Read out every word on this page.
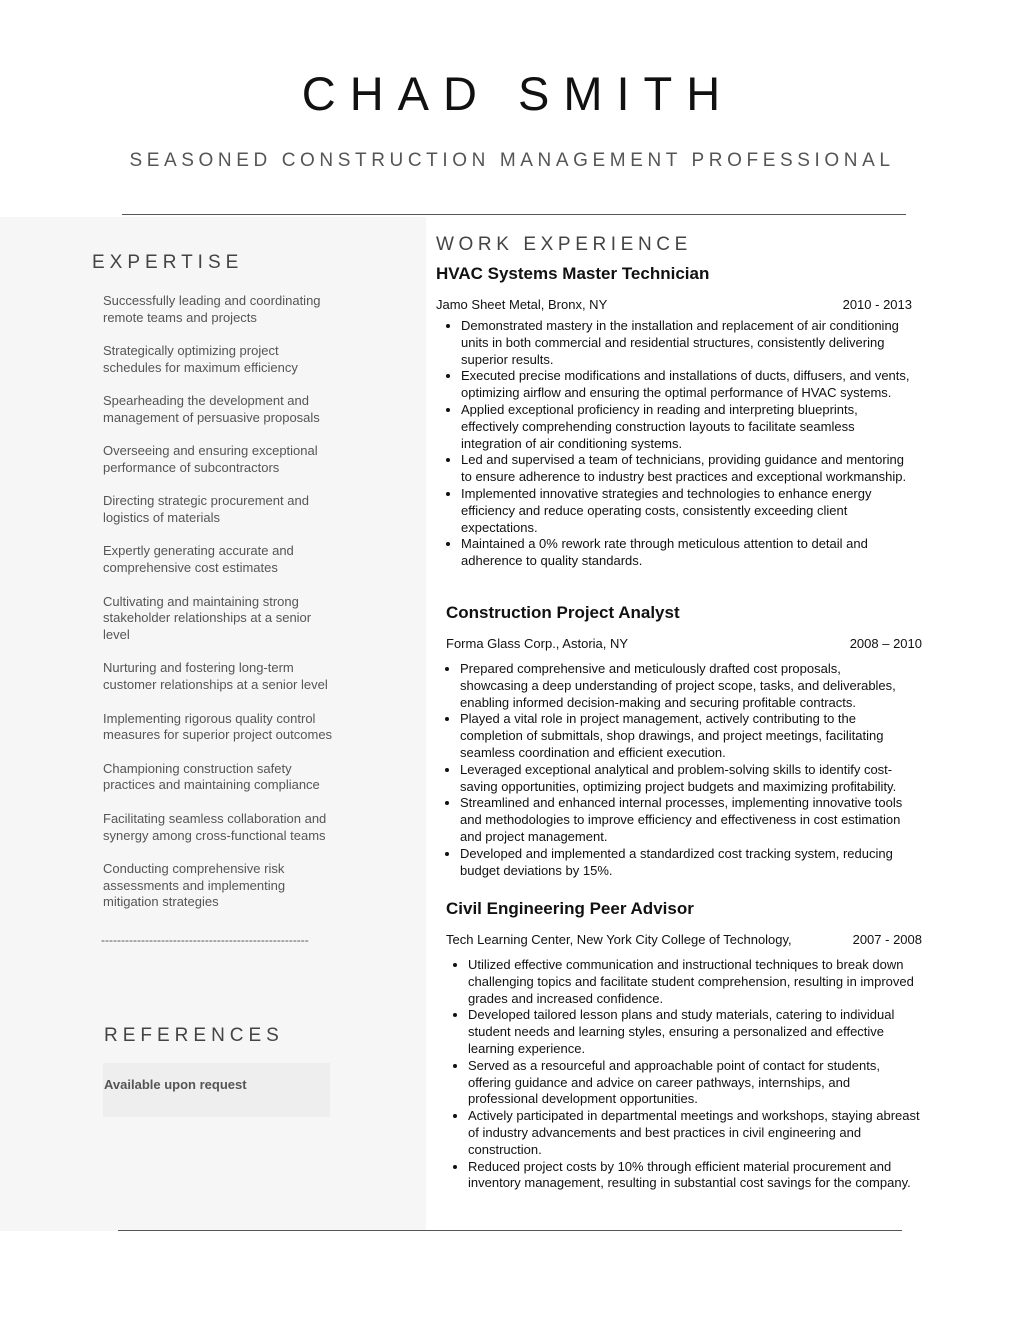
CHAD SMITH
SEASONED CONSTRUCTION MANAGEMENT PROFESSIONAL
EXPERTISE
Successfully leading and coordinating remote teams and projects
Strategically optimizing project schedules for maximum efficiency
Spearheading the development and management of persuasive proposals
Overseeing and ensuring exceptional performance of subcontractors
Directing strategic procurement and logistics of materials
Expertly generating accurate and comprehensive cost estimates
Cultivating and maintaining strong stakeholder relationships at a senior level
Nurturing and fostering long-term customer relationships at a senior level
Implementing rigorous quality control measures for superior project outcomes
Championing construction safety practices and maintaining compliance
Facilitating seamless collaboration and synergy among cross-functional teams
Conducting comprehensive risk assessments and implementing mitigation strategies
----------------------------------------------------
REFERENCES
Available upon request
WORK EXPERIENCE
HVAC Systems Master Technician
Jamo Sheet Metal, Bronx, NY	2010 - 2013
• Demonstrated mastery in the installation and replacement of air conditioning units in both commercial and residential structures, consistently delivering superior results.
• Executed precise modifications and installations of ducts, diffusers, and vents, optimizing airflow and ensuring the optimal performance of HVAC systems.
• Applied exceptional proficiency in reading and interpreting blueprints, effectively comprehending construction layouts to facilitate seamless integration of air conditioning systems.
• Led and supervised a team of technicians, providing guidance and mentoring to ensure adherence to industry best practices and exceptional workmanship.
• Implemented innovative strategies and technologies to enhance energy efficiency and reduce operating costs, consistently exceeding client expectations.
• Maintained a 0% rework rate through meticulous attention to detail and adherence to quality standards.
Construction Project Analyst
Forma Glass Corp., Astoria, NY	2008 – 2010
• Prepared comprehensive and meticulously drafted cost proposals, showcasing a deep understanding of project scope, tasks, and deliverables, enabling informed decision-making and securing profitable contracts.
• Played a vital role in project management, actively contributing to the completion of submittals, shop drawings, and project meetings, facilitating seamless coordination and efficient execution.
• Leveraged exceptional analytical and problem-solving skills to identify cost-saving opportunities, optimizing project budgets and maximizing profitability.
• Streamlined and enhanced internal processes, implementing innovative tools and methodologies to improve efficiency and effectiveness in cost estimation and project management.
• Developed and implemented a standardized cost tracking system, reducing budget deviations by 15%.
Civil Engineering Peer Advisor
Tech Learning Center, New York City College of Technology,	2007 - 2008
• Utilized effective communication and instructional techniques to break down challenging topics and facilitate student comprehension, resulting in improved grades and increased confidence.
• Developed tailored lesson plans and study materials, catering to individual student needs and learning styles, ensuring a personalized and effective learning experience.
• Served as a resourceful and approachable point of contact for students, offering guidance and advice on career pathways, internships, and professional development opportunities.
• Actively participated in departmental meetings and workshops, staying abreast of industry advancements and best practices in civil engineering and construction.
• Reduced project costs by 10% through efficient material procurement and inventory management, resulting in substantial cost savings for the company.
